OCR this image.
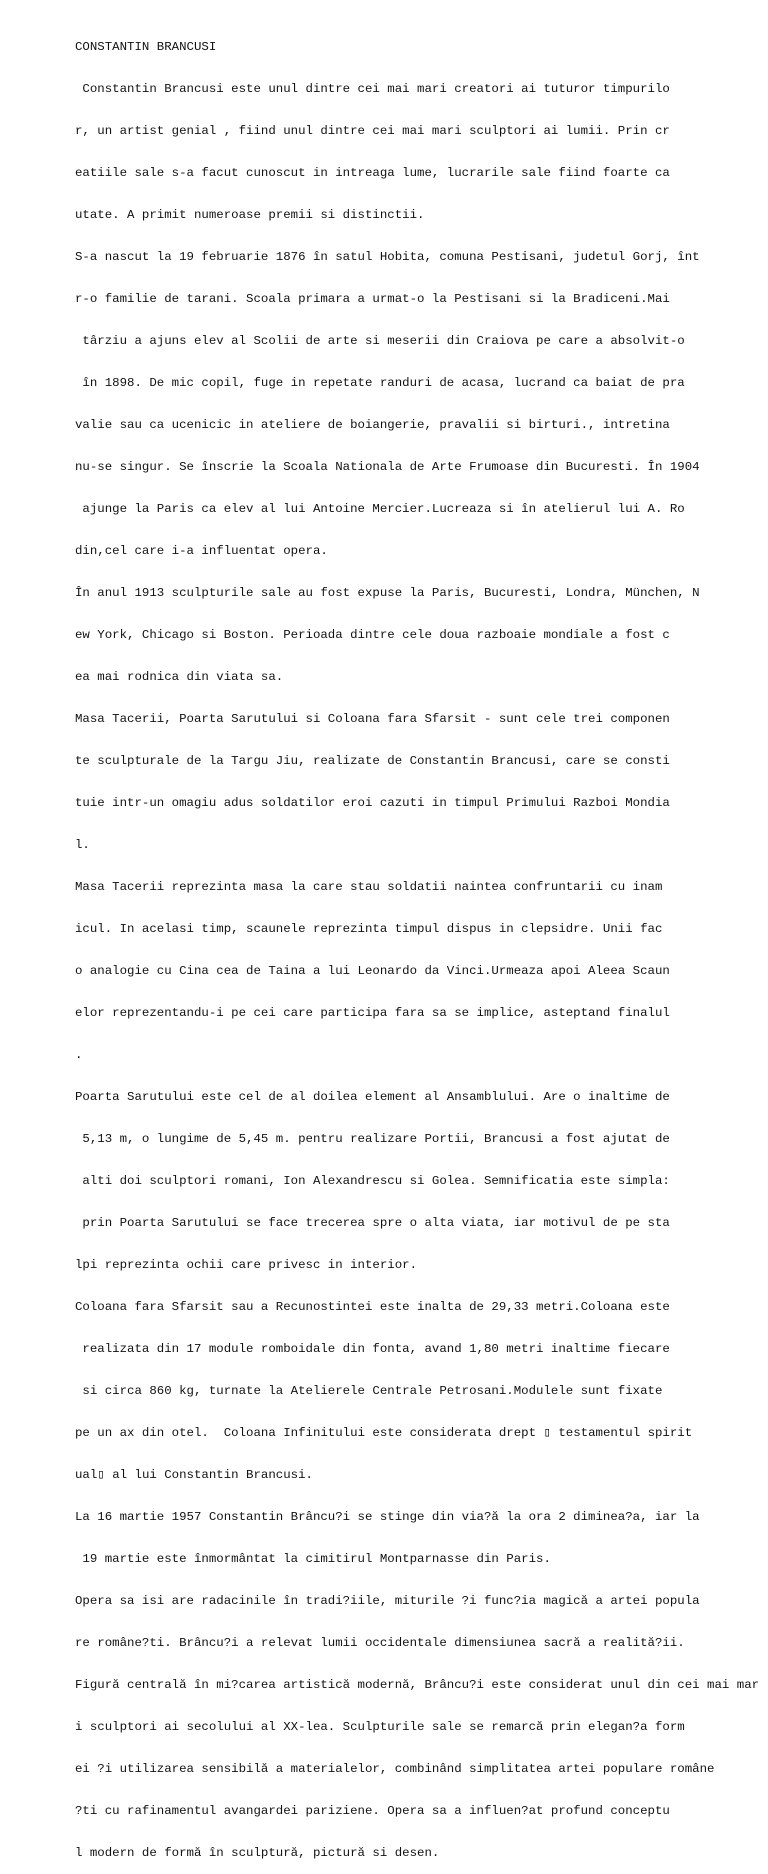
CONSTANTIN BRANCUSI

Constantin Brancusi este unul dintre cei mai mari creatori ai tuturor timpurilo

r, un artist genial , fiind unul dintre cei mai mari sculptori ai lumii. Prin cr

eatiile sale s-a facut cunoscut in intreaga lume, lucrarile sale fiind foarte ca

utate. A primit numeroase premii si distinctii.

S-a nascut la 19 februarie 1876 în satul Hobita, comuna Pestisani, judetul Gorj, înt

r-o familie de tarani. Scoala primara a urmat-o la Pestisani si la Bradiceni.Mai

târziu a ajuns elev al Scolii de arte si meserii din Craiova pe care a absolvit-o

în 1898. De mic copil, fuge in repetate randuri de acasa, lucrand ca baiat de pra

valie sau ca ucenicic in ateliere de boiangerie, pravalii si birturi., intretina

nu-se singur. Se înscrie la Scoala Nationala de Arte Frumoase din Bucuresti. În 1904

ajunge la Paris ca elev al lui Antoine Mercier.Lucreaza si în atelierul lui A. Ro

din,cel care i-a influentat opera.

În anul 1913 sculpturile sale au fost expuse la Paris, Bucuresti, Londra, München, N

ew York, Chicago si Boston. Perioada dintre cele doua razboaie mondiale a fost c

ea mai rodnica din viata sa.

Masa Tacerii, Poarta Sarutului si Coloana fara Sfarsit - sunt cele trei componen

te sculpturale de la Targu Jiu, realizate de Constantin Brancusi, care se consti

tuie intr-un omagiu adus soldatilor eroi cazuti in timpul Primului Razboi Mondia

l.

Masa Tacerii reprezinta masa la care stau soldatii naintea confruntarii cu inam

icul. In acelasi timp, scaunele reprezinta timpul dispus in clepsidre. Unii fac

o analogie cu Cina cea de Taina a lui Leonardo da Vinci.Urmeaza apoi Aleea Scaun

elor reprezentandu-i pe cei care participa fara sa se implice, asteptand finalul

.

Poarta Sarutului este cel de al doilea element al Ansamblului. Are o inaltime de

5,13 m, o lungime de 5,45 m. pentru realizare Portii, Brancusi a fost ajutat de

alti doi sculptori romani, Ion Alexandrescu si Golea. Semnificatia este simpla:

prin Poarta Sarutului se face trecerea spre o alta viata, iar motivul de pe sta

lpi reprezinta ochii care privesc in interior.

Coloana fara Sfarsit sau a Recunostintei este inalta de 29,33 metri.Coloana este

realizata din 17 module romboidale din fonta, avand 1,80 metri inaltime fiecare

si circa 860 kg, turnate la Atelierele Centrale Petrosani.Modulele sunt fixate

pe un ax din otel.  Coloana Infinitului este considerata drept ▯ testamentul spirit

ual▯ al lui Constantin Brancusi.

La 16 martie 1957 Constantin Brâncu?i se stinge din via?ă la ora 2 diminea?a, iar la

19 martie este înmormântat la cimitirul Montparnasse din Paris.

Opera sa isi are radacinile în tradi?iile, miturile ?i func?ia magică a artei popula

re române?ti. Brâncu?i a relevat lumii occidentale dimensiunea sacră a realită?ii.

Figură centrală în mi?carea artistică modernă, Brâncu?i este considerat unul din cei mai mar

i sculptori ai secolului al XX-lea. Sculpturile sale se remarcă prin elegan?a form

ei ?i utilizarea sensibilă a materialelor, combinând simplitatea artei populare române

?ti cu rafinamentul avangardei pariziene. Opera sa a influen?at profund conceptu

l modern de formă în sculptură, pictură si desen.
